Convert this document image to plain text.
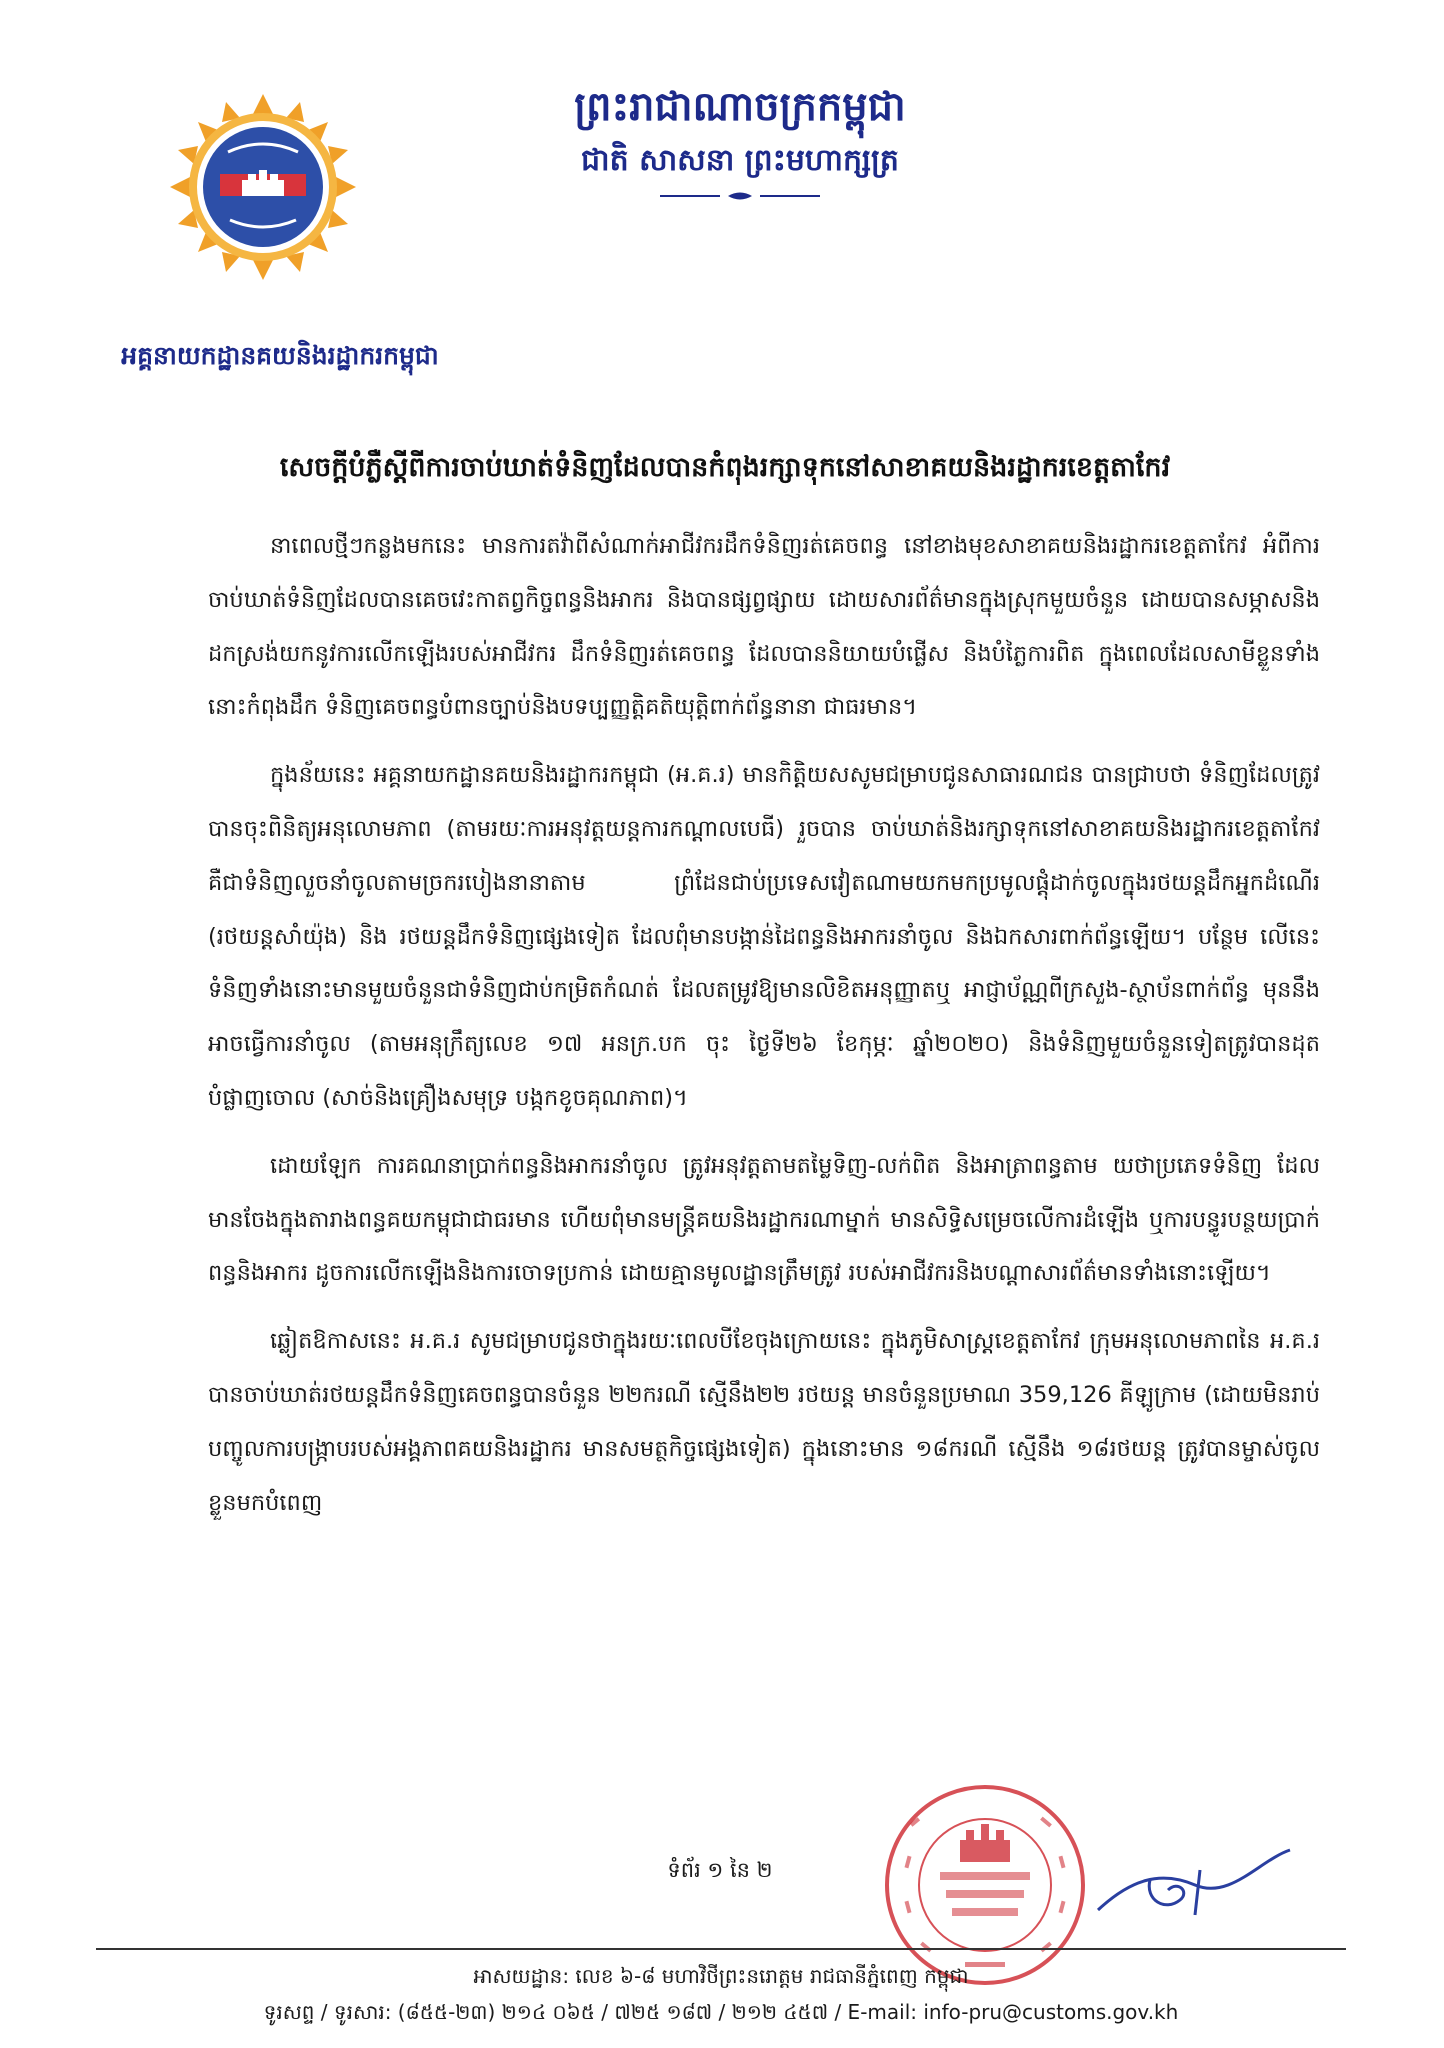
ព្រះរាជាណាចក្រកម្ពុជា
ជាតិ សាសនា ព្រះមហាក្សត្រ
អគ្គនាយកដ្ឋានគយនិងរដ្ឋាករកម្ពុជា
សេចក្តីបំភ្លឺស្តីពីការចាប់ឃាត់ទំនិញដែលបានកំពុងរក្សាទុកនៅសាខាគយនិងរដ្ឋាករខេត្តតាកែវ

នាពេលថ្មីៗកន្លងមកនេះ មានការតវ៉ាពីសំណាក់អាជីវករដឹកទំនិញរត់គេចពន្ធ នៅខាងមុខសាខាគយនិងរដ្ឋាករខេត្តតាកែវ អំពីការចាប់ឃាត់ទំនិញដែលបានគេចវេះកាតព្វកិច្ចពន្ធនិងអាករ និងបានផ្សព្វផ្សាយ ដោយសារព័ត៌មានក្នុងស្រុកមួយចំនួន ដោយបានសម្ភាសនិងដកស្រង់យកនូវការលើកឡើងរបស់អាជីវករ ដឹកទំនិញរត់គេចពន្ធ ដែលបាននិយាយបំផ្លើស និងបំភ្លៃការពិត ក្នុងពេលដែលសាមីខ្លួនទាំងនោះកំពុងដឹក ទំនិញគេចពន្ធបំពានច្បាប់និងបទប្បញ្ញត្តិគតិយុត្តិពាក់ព័ន្ធនានា ជាធរមាន។

ក្នុងន័យនេះ អគ្គនាយកដ្ឋានគយនិងរដ្ឋាករកម្ពុជា (អ.គ.រ) មានកិត្តិយសសូមជម្រាបជូនសាធារណជន បានជ្រាបថា ទំនិញដែលត្រូវបានចុះពិនិត្យអនុលោមភាព (តាមរយៈការអនុវត្តយន្តការកណ្តាលបេធី) រួចបាន ចាប់ឃាត់និងរក្សាទុកនៅសាខាគយនិងរដ្ឋាករខេត្តតាកែវ គឺជាទំនិញលួចនាំចូលតាមច្រករបៀងនានាតាម ព្រំដែនជាប់ប្រទេសវៀតណាមយកមកប្រមូលផ្តុំដាក់ចូលក្នុងរថយន្តដឹកអ្នកដំណើរ (រថយន្តសាំយ៉ុង) និង រថយន្តដឹកទំនិញផ្សេងទៀត ដែលពុំមានបង្កាន់ដៃពន្ធនិងអាករនាំចូល និងឯកសារពាក់ព័ន្ធឡើយ។ បន្ថែម លើនេះ ទំនិញទាំងនោះមានមួយចំនួនជាទំនិញជាប់កម្រិតកំណត់ ដែលតម្រូវឱ្យមានលិខិតអនុញ្ញាតឬ អាជ្ញាប័ណ្ណពីក្រសួង-ស្ថាប័នពាក់ព័ន្ធ មុននឹងអាចធ្វើការនាំចូល (តាមអនុក្រឹត្យលេខ ១៧ អនក្រ.បក ចុះ ថ្ងៃទី២៦ ខែកុម្ភៈ ឆ្នាំ២០២០) និងទំនិញមួយចំនួនទៀតត្រូវបានដុតបំផ្លាញចោល (សាច់និងគ្រឿងសមុទ្រ បង្កកខូចគុណភាព)។

ដោយឡែក ការគណនាប្រាក់ពន្ធនិងអាករនាំចូល ត្រូវអនុវត្តតាមតម្លៃទិញ-លក់ពិត និងអាត្រាពន្ធតាម យថាប្រភេទទំនិញ ដែលមានចែងក្នុងតារាងពន្ធគយកម្ពុជាជាធរមាន ហើយពុំមានមន្ត្រីគយនិងរដ្ឋាករណាម្នាក់ មានសិទ្ធិសម្រេចលើការដំឡើង ឬការបន្ធូរបន្ថយប្រាក់ពន្ធនិងអាករ ដូចការលើកឡើងនិងការចោទប្រកាន់ ដោយគ្មានមូលដ្ឋានត្រឹមត្រូវ របស់អាជីវករនិងបណ្តាសារព័ត៌មានទាំងនោះឡើយ។

ឆ្លៀតឱកាសនេះ អ.គ.រ សូមជម្រាបជូនថាក្នុងរយៈពេលបីខែចុងក្រោយនេះ ក្នុងភូមិសាស្ត្រខេត្តតាកែវ ក្រុមអនុលោមភាពនៃ អ.គ.រ បានចាប់ឃាត់រថយន្តដឹកទំនិញគេចពន្ធបានចំនួន ២២ករណី ស្មើនឹង២២ រថយន្ត មានចំនួនប្រមាណ 359,126 គីឡូក្រាម (ដោយមិនរាប់បញ្ចូលការបង្ក្រាបរបស់អង្គភាពគយនិងរដ្ឋាករ មានសមត្ថកិច្ចផ្សេងទៀត) ក្នុងនោះមាន ១៨ករណី ស្មើនឹង ១៨រថយន្ត ត្រូវបានម្ចាស់ចូលខ្លួនមកបំពេញ

ទំព័រ ១ នៃ ២
អាសយដ្ឋាន: លេខ ៦-៨ មហាវិថីព្រះនរោត្តម រាជធានីភ្នំពេញ កម្ពុជា
ទូរសព្ទ / ទូរសារ: (៨៥៥-២៣) ២១៤ ០៦៥ / ៧២៥ ១៨៧ / ២១២ ៤៥៧ / E-mail: info-pru@customs.gov.kh
